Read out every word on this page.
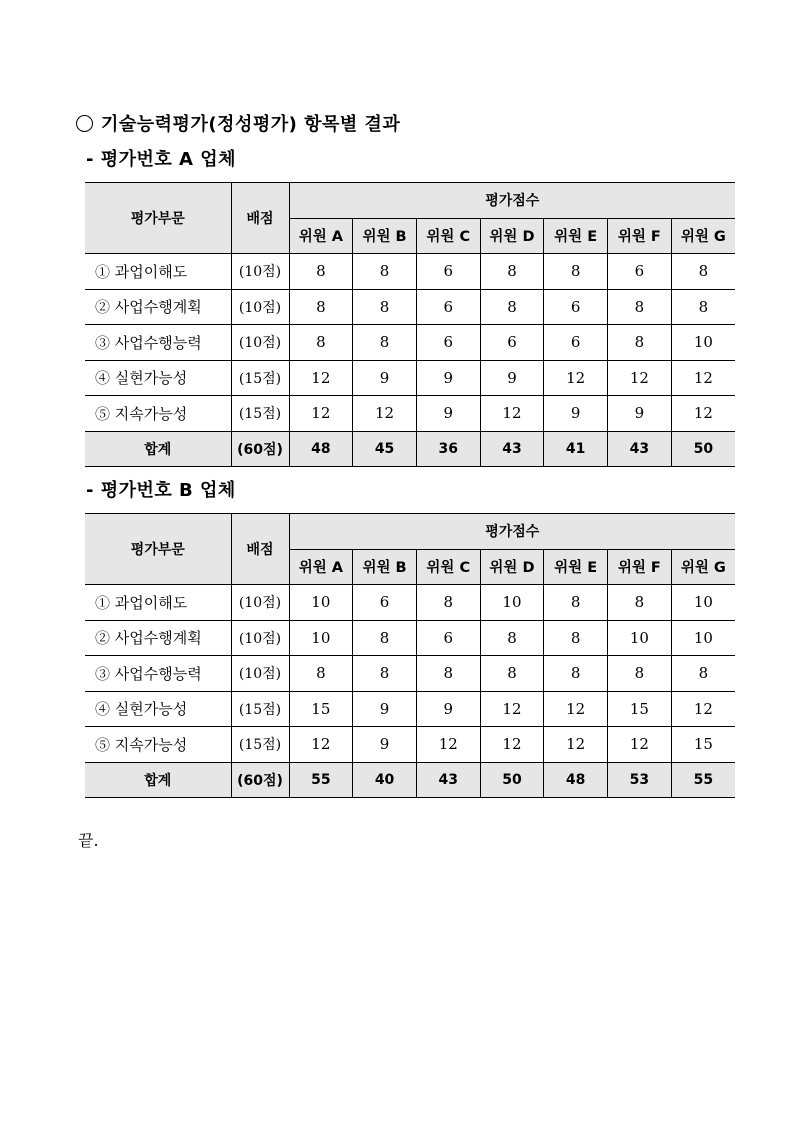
기술능력평가(정성평가) 항목별 결과
- 평가번호 A 업체
평가부문	배점	평가점수						
		위원 A	위원 B	위원 C	위원 D	위원 E	위원 F	위원 G
① 과업이해도	(10점)	8	8	6	8	8	6	8
② 사업수행계획	(10점)	8	8	6	8	6	8	8
③ 사업수행능력	(10점)	8	8	6	6	6	8	10
④ 실현가능성	(15점)	12	9	9	9	12	12	12
⑤ 지속가능성	(15점)	12	12	9	12	9	9	12
합계	(60점)	48	45	36	43	41	43	50
- 평가번호 B 업체
평가부문	배점	평가점수						
		위원 A	위원 B	위원 C	위원 D	위원 E	위원 F	위원 G
① 과업이해도	(10점)	10	6	8	10	8	8	10
② 사업수행계획	(10점)	10	8	6	8	8	10	10
③ 사업수행능력	(10점)	8	8	8	8	8	8	8
④ 실현가능성	(15점)	15	9	9	12	12	15	12
⑤ 지속가능성	(15점)	12	9	12	12	12	12	15
합계	(60점)	55	40	43	50	48	53	55
끝.
